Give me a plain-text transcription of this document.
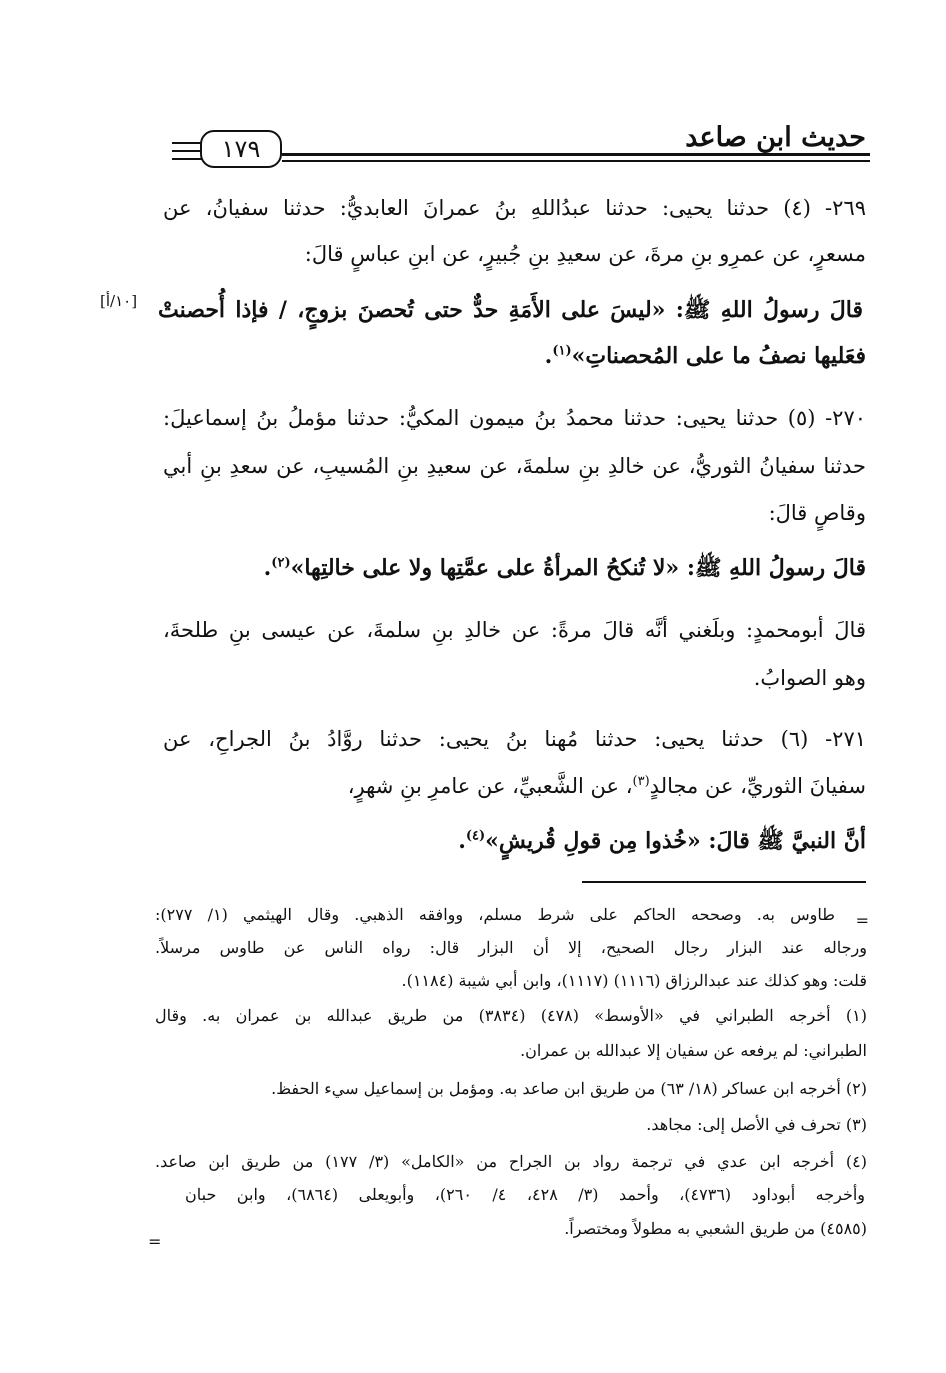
حديث ابن صاعد
١٧٩
[١٠/أ]
٢٦٩- (٤) حدثنا يحيى: حدثنا عبدُاللهِ بنُ عمرانَ العابديُّ: حدثنا سفيانُ، عن
مسعرٍ، عن عمرِو بنِ مرةَ، عن سعيدِ بنِ جُبيرٍ، عن ابنِ عباسٍ قالَ:
قالَ رسولُ اللهِ ﷺ: «ليسَ على الأَمَةِ حدٌّ حتى تُحصنَ بزوجٍ، / فإذا أُحصنتْ
فعَليها نصفُ ما على المُحصناتِ»$^{(١)}$.
٢٧٠- (٥) حدثنا يحيى: حدثنا محمدُ بنُ ميمون المكيُّ: حدثنا مؤملُ بنُ إسماعيلَ:
حدثنا سفيانُ الثوريُّ، عن خالدِ بنِ سلمةَ، عن سعيدِ بنِ المُسيبِ، عن سعدِ بنِ أبي
وقاصٍ قالَ:
قالَ رسولُ اللهِ ﷺ: «لا تُنكحُ المرأةُ على عمَّتِها ولا على خالتِها»$^{(٢)}$.
قالَ أبومحمدٍ: وبلَغني أنَّه قالَ مرةً: عن خالدِ بنِ سلمةَ، عن عيسى بنِ طلحةَ،
وهو الصوابُ.
٢٧١- (٦) حدثنا يحيى: حدثنا مُهنا بنُ يحيى: حدثنا روَّادُ بنُ الجراحِ، عن
سفيانَ الثوريِّ، عن مجالدٍ$^{(٣)}$، عن الشَّعبيِّ، عن عامرِ بنِ شهرٍ،
أنَّ النبيَّ ﷺ قالَ: «خُذوا مِن قولِ قُريشٍ»$^{(٤)}$.
=
طاوس به. وصححه الحاكم على شرط مسلم، ووافقه الذهبي. وقال الهيثمي (١/ ٢٧٧):
ورجاله عند البزار رجال الصحيح، إلا أن البزار قال: رواه الناس عن طاوس مرسلاً.
قلت: وهو كذلك عند عبدالرزاق (١١١٦) (١١١٧)، وابن أبي شيبة (١١٨٤).
(١) أخرجه الطبراني في «الأوسط» (٤٧٨) (٣٨٣٤) من طريق عبدالله بن عمران به. وقال
الطبراني: لم يرفعه عن سفيان إلا عبدالله بن عمران.
(٢) أخرجه ابن عساكر (١٨/ ٦٣) من طريق ابن صاعد به. ومؤمل بن إسماعيل سيء الحفظ.
(٣) تحرف في الأصل إلى: مجاهد.
(٤) أخرجه ابن عدي في ترجمة رواد بن الجراح من «الكامل» (٣/ ١٧٧) من طريق ابن صاعد.
وأخرجه أبوداود (٤٧٣٦)، وأحمد (٣/ ٤٢٨، ٤/ ٢٦٠)، وأبويعلى (٦٨٦٤)، وابن حبان
(٤٥٨٥) من طريق الشعبي به مطولاً ومختصراً.
=
